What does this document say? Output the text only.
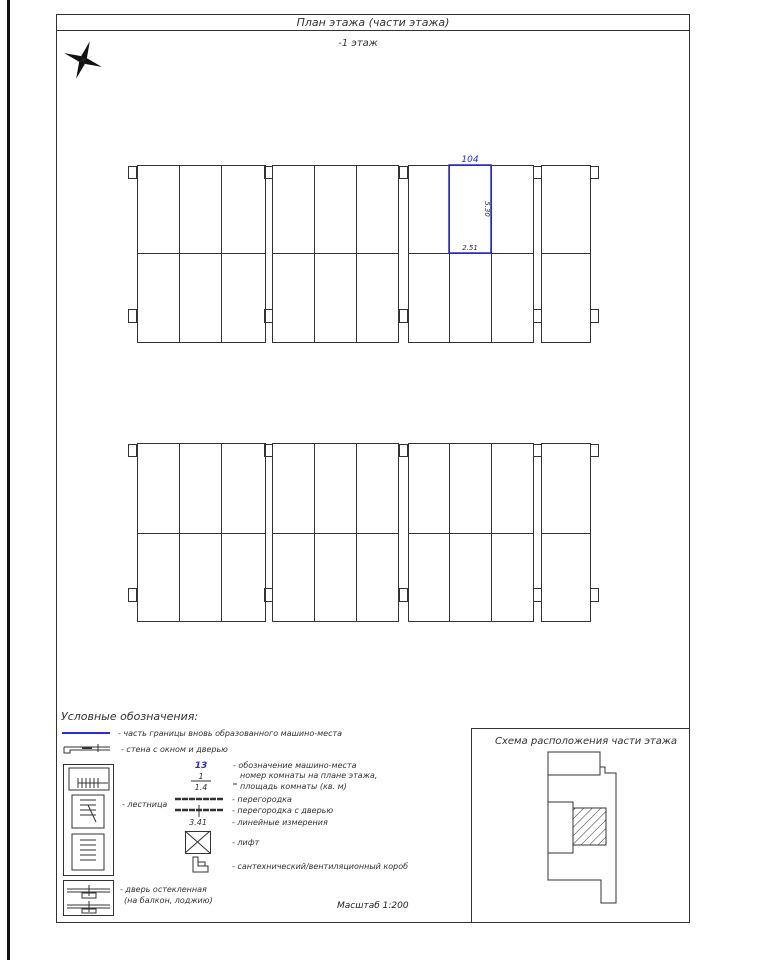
План этажа (части этажа)
-1 этаж
104
5.30
2.51
Условные обозначения:
- часть границы вновь образованного машино-места
- стена с окном и дверью
- лестница
13	- обозначение машино-места
1
1.4
номер комнаты на плане этажа,
площадь комнаты (кв. м)
- перегородка
- перегородка с дверью
3.41	- линейные измерения
- лифт
- сантехнический/вентиляционный короб
- дверь остекленная
(на балкон, лоджию)
Масштаб 1:200
Схема расположения части этажа
